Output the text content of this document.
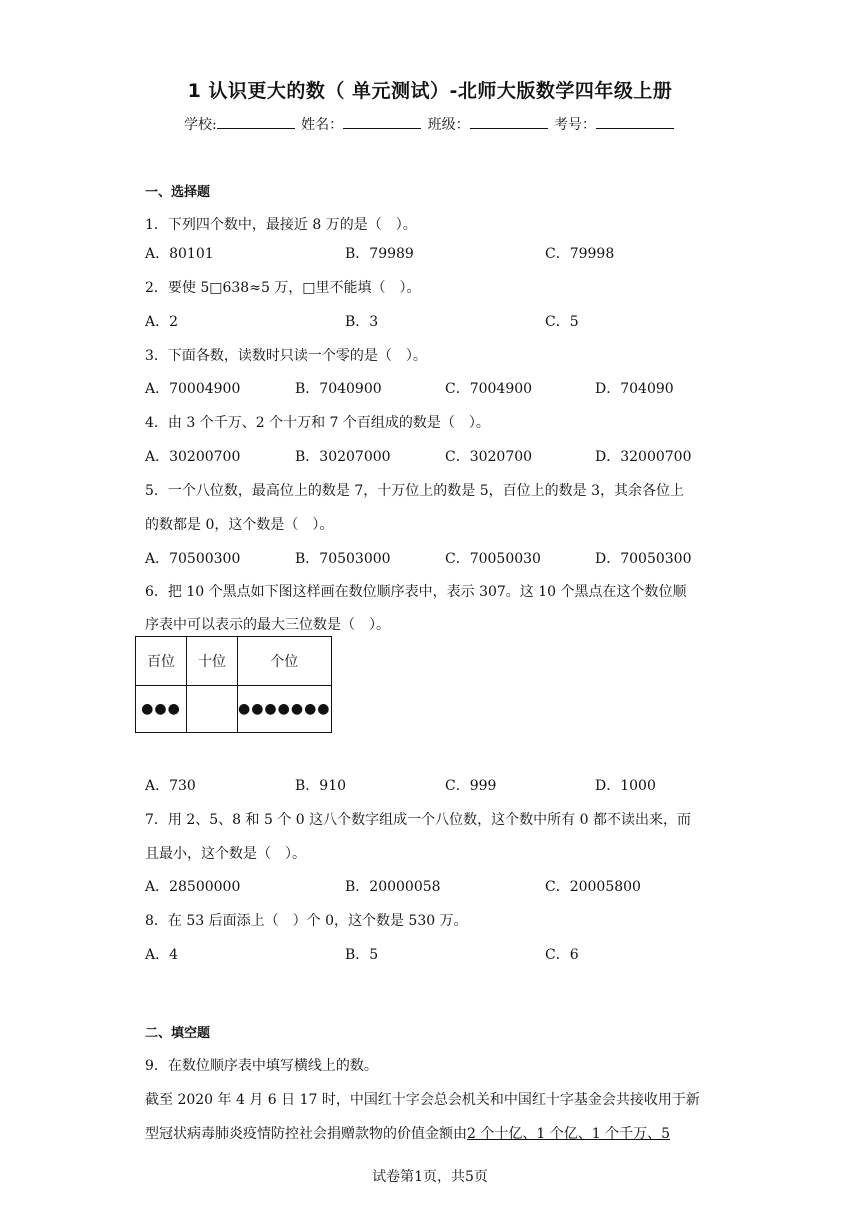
1 认识更大的数（ 单元测试）-北师大版数学四年级上册
学校:	姓名：	班级：	考号：
一、选择题
1．下列四个数中，最接近 8 万的是（　）。
A．80101	B．79989	C．79998
2．要使 5□638≈5 万，□里不能填（　）。
A．2	B．3	C．5
3．下面各数，读数时只读一个零的是（　）。
A．70004900	B．7040900	C．7004900	D．704090
4．由 3 个千万、2 个十万和 7 个百组成的数是（　）。
A．30200700	B．30207000	C．3020700	D．32000700
5．一个八位数，最高位上的数是 7，十万位上的数是 5，百位上的数是 3，其余各位上
的数都是 0，这个数是（　）。
A．70500300	B．70503000	C．70050030	D．70050300
6．把 10 个黑点如下图这样画在数位顺序表中，表示 307。这 10 个黑点在这个数位顺
序表中可以表示的最大三位数是（　）。
百位	十位	个位
●●●		●●●●●●●
A．730	B．910	C．999	D．1000
7．用 2、5、8 和 5 个 0 这八个数字组成一个八位数，这个数中所有 0 都不读出来，而
且最小，这个数是（　）。
A．28500000	B．20000058	C．20005800
8．在 53 后面添上（　）个 0，这个数是 530 万。
A．4	B．5	C．6
二、填空题
9．在数位顺序表中填写横线上的数。
截至 2020 年 4 月 6 日 17 时，中国红十字会总会机关和中国红十字基金会共接收用于新
型冠状病毒肺炎疫情防控社会捐赠款物的价值金额由2 个十亿、1 个亿、1 个千万、5
试卷第1页，共5页
